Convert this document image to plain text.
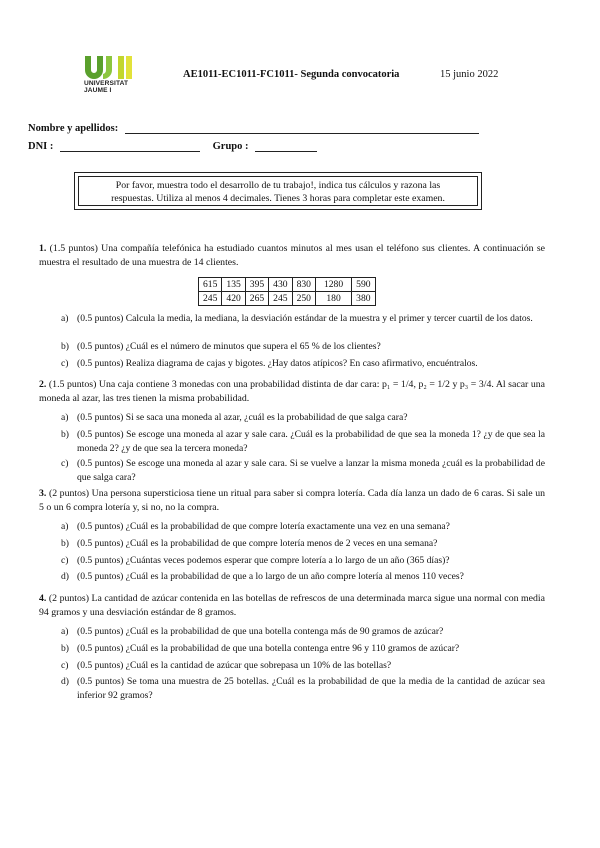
UNIVERSITAT
JAUME I
AE1011-EC1011-FC1011- Segunda convocatoria	15 junio 2022
Nombre y apellidos:
DNI :	Grupo :
Por favor, muestra todo el desarrollo de tu trabajo!, indica tus cálculos y razona las respuestas. Utiliza al menos 4 decimales. Tienes 3 horas para completar este examen.
1. (1.5 puntos) Una compañía telefónica ha estudiado cuantos minutos al mes usan el teléfono sus clientes. A continuación se muestra el resultado de una muestra de 14 clientes.
615	135	395	430	830	1280	590
245	420	265	245	250	180	380
a) (0.5 puntos) Calcula la media, la mediana, la desviación estándar de la muestra y el primer y tercer cuartil de los datos.
b) (0.5 puntos) ¿Cuál es el número de minutos que supera el 65 % de los clientes?
c) (0.5 puntos) Realiza diagrama de cajas y bigotes. ¿Hay datos atípicos? En caso afirmativo, encuéntralos.
2. (1.5 puntos) Una caja contiene 3 monedas con una probabilidad distinta de dar cara: p₁ = 1/4, p₂ = 1/2 y p₃ = 3/4. Al sacar una moneda al azar, las tres tienen la misma probabilidad.
a) (0.5 puntos) Si se saca una moneda al azar, ¿cuál es la probabilidad de que salga cara?
b) (0.5 puntos) Se escoge una moneda al azar y sale cara. ¿Cuál es la probabilidad de que sea la moneda 1? ¿y de que sea la moneda 2? ¿y de que sea la tercera moneda?
c) (0.5 puntos) Se escoge una moneda al azar y sale cara. Si se vuelve a lanzar la misma moneda ¿cuál es la probabilidad de que salga cara?
3. (2 puntos) Una persona supersticiosa tiene un ritual para saber si compra lotería. Cada día lanza un dado de 6 caras. Si sale un 5 o un 6 compra lotería y, si no, no la compra.
a) (0.5 puntos) ¿Cuál es la probabilidad de que compre lotería exactamente una vez en una semana?
b) (0.5 puntos) ¿Cuál es la probabilidad de que compre lotería menos de 2 veces en una semana?
c) (0.5 puntos) ¿Cuántas veces podemos esperar que compre lotería a lo largo de un año (365 días)?
d) (0.5 puntos) ¿Cuál es la probabilidad de que a lo largo de un año compre lotería al menos 110 veces?
4. (2 puntos) La cantidad de azúcar contenida en las botellas de refrescos de una determinada marca sigue una normal con media 94 gramos y una desviación estándar de 8 gramos.
a) (0.5 puntos) ¿Cuál es la probabilidad de que una botella contenga más de 90 gramos de azúcar?
b) (0.5 puntos) ¿Cuál es la probabilidad de que una botella contenga entre 96 y 110 gramos de azúcar?
c) (0.5 puntos) ¿Cuál es la cantidad de azúcar que sobrepasa un 10% de las botellas?
d) (0.5 puntos) Se toma una muestra de 25 botellas. ¿Cuál es la probabilidad de que la media de la cantidad de azúcar sea inferior 92 gramos?
